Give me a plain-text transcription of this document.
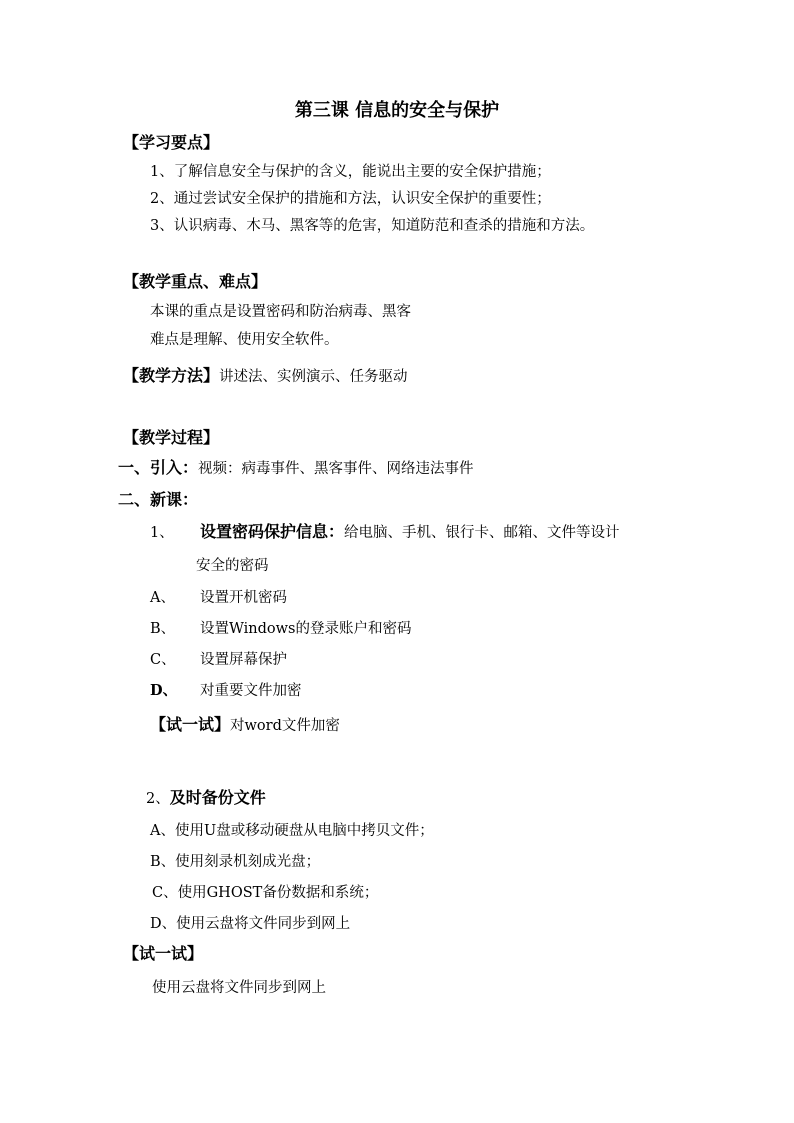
第三课 信息的安全与保护
【学习要点】
1、了解信息安全与保护的含义，能说出主要的安全保护措施；
2、通过尝试安全保护的措施和方法，认识安全保护的重要性；
3、认识病毒、木马、黑客等的危害，知道防范和查杀的措施和方法。
【教学重点、难点】
本课的重点是设置密码和防治病毒、黑客
难点是理解、使用安全软件。
【教学方法】讲述法、实例演示、任务驱动
【教学过程】
一、引入：视频：病毒事件、黑客事件、网络违法事件
二、新课：
1、 设置密码保护信息：给电脑、手机、银行卡、邮箱、文件等设计
安全的密码
A、 设置开机密码
B、 设置Windows的登录账户和密码
C、 设置屏幕保护
D、 对重要文件加密
【试一试】对word文件加密
2、及时备份文件
A、使用U盘或移动硬盘从电脑中拷贝文件；
B、使用刻录机刻成光盘；
C、使用GHOST备份数据和系统；
D、使用云盘将文件同步到网上
【试一试】
使用云盘将文件同步到网上
